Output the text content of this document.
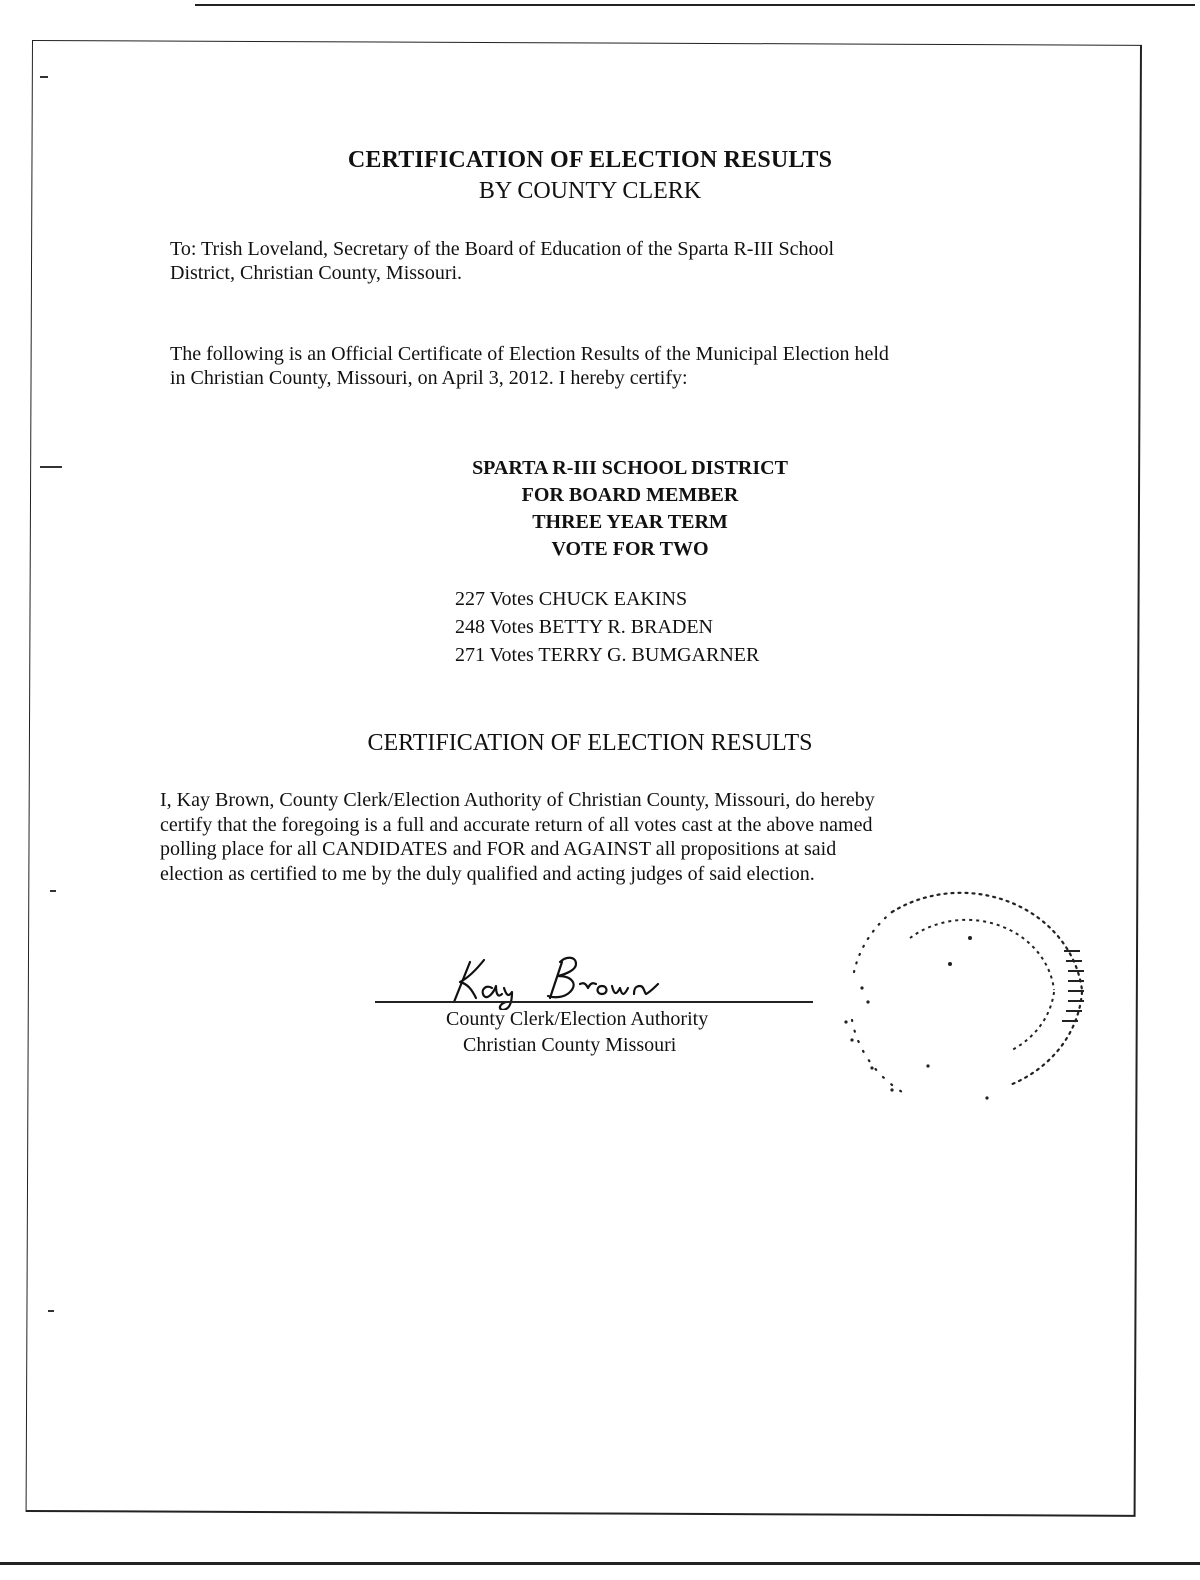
CERTIFICATION OF ELECTION RESULTS
BY COUNTY CLERK
To: Trish Loveland, Secretary of the Board of Education of the Sparta R-III School
District, Christian County, Missouri.
The following is an Official Certificate of Election Results of the Municipal Election held
in Christian County, Missouri, on April 3, 2012. I hereby certify:
SPARTA R-III SCHOOL DISTRICT
FOR BOARD MEMBER
THREE YEAR TERM
VOTE FOR TWO
227 Votes CHUCK EAKINS
248 Votes BETTY R. BRADEN
271 Votes TERRY G. BUMGARNER
CERTIFICATION OF ELECTION RESULTS
I, Kay Brown, County Clerk/Election Authority of Christian County, Missouri, do hereby
certify that the foregoing is a full and accurate return of all votes cast at the above named
polling place for all CANDIDATES and FOR and AGAINST all propositions at said
election as certified to me by the duly qualified and acting judges of said election.
County Clerk/Election Authority
Christian County Missouri
